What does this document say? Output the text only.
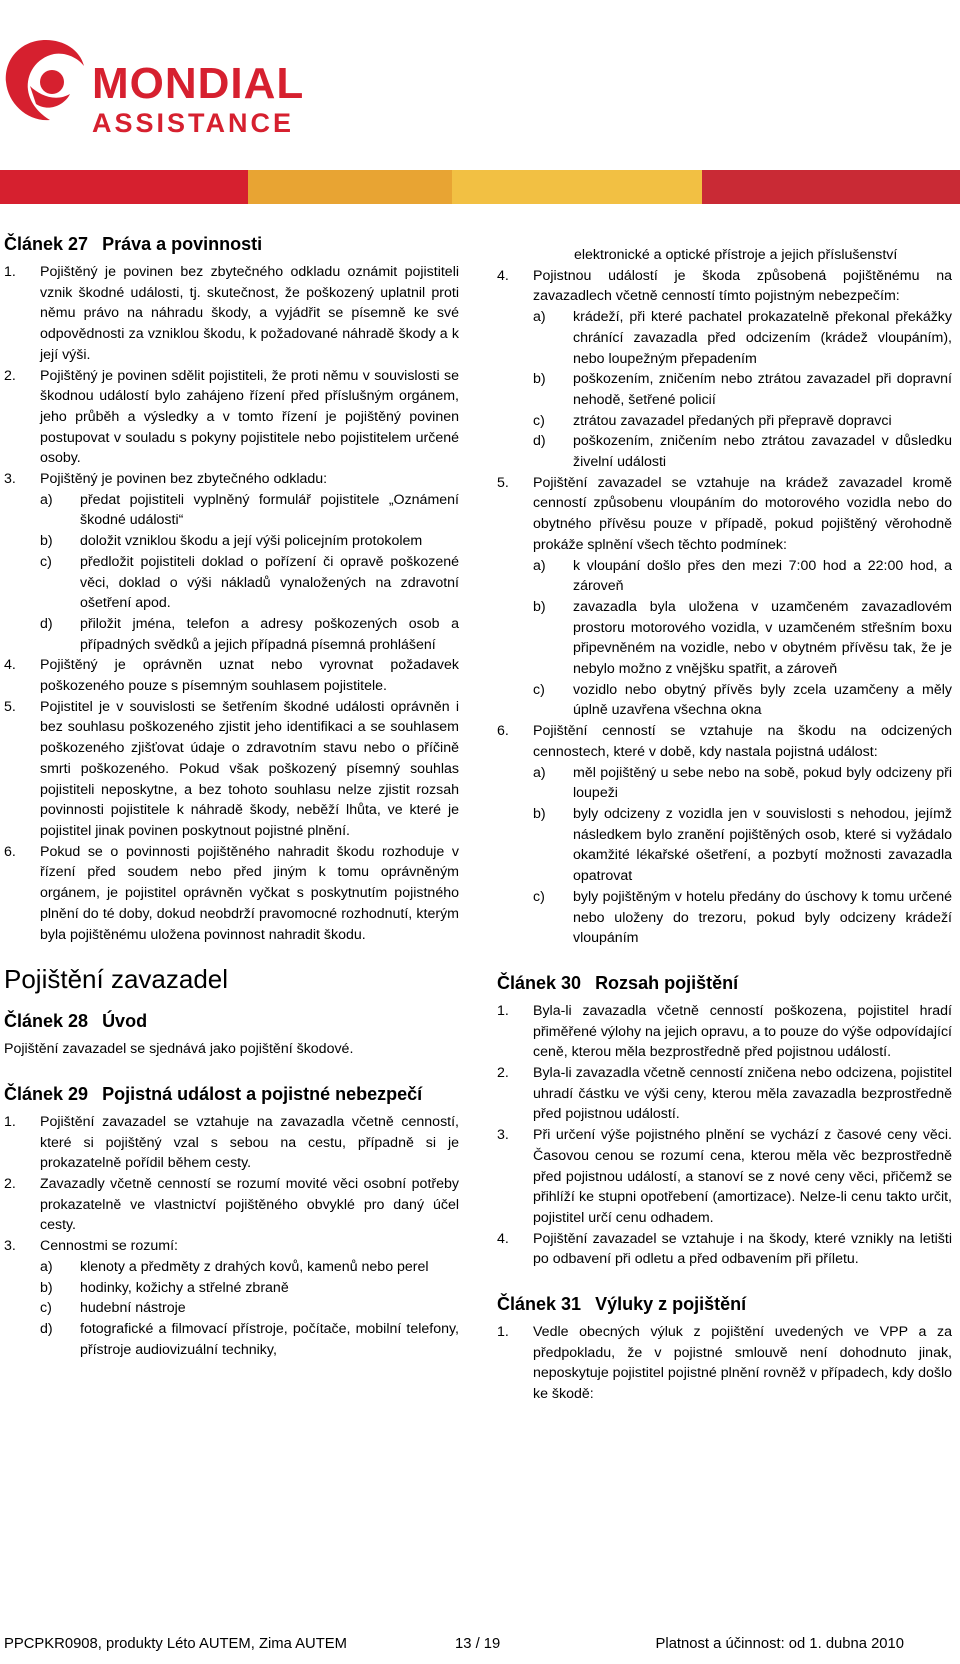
MONDIAL
ASSISTANCE
Článek 27 Práva a povinnosti
1.	Pojištěný je povinen bez zbytečného odkladu oznámit pojistiteli vznik škodné události, tj. skutečnost, že poškozený uplatnil proti němu právo na náhradu škody, a vyjádřit se písemně ke své odpovědnosti za vzniklou škodu, k požadované náhradě škody a k její výši.
2.	Pojištěný je povinen sdělit pojistiteli, že proti němu v souvislosti se škodnou událostí bylo zahájeno řízení před příslušným orgánem, jeho průběh a výsledky a v tomto řízení je pojištěný povinen postupovat v souladu s pokyny pojistitele nebo pojistitelem určené osoby.
3.	Pojištěný je povinen bez zbytečného odkladu:
a)	předat pojistiteli vyplněný formulář pojistitele „Oznámení škodné události“
b)	doložit vzniklou škodu a její výši policejním protokolem
c)	předložit pojistiteli doklad o pořízení či opravě poškozené věci, doklad o výši nákladů vynaložených na zdravotní ošetření apod.
d)	přiložit jména, telefon a adresy poškozených osob a případných svědků a jejich případná písemná prohlášení
4.	Pojištěný je oprávněn uznat nebo vyrovnat požadavek poškozeného pouze s písemným souhlasem pojistitele.
5.	Pojistitel je v souvislosti se šetřením škodné události oprávněn i bez souhlasu poškozeného zjistit jeho identifikaci a se souhlasem poškozeného zjišťovat údaje o zdravotním stavu nebo o příčině smrti poškozeného. Pokud však poškozený písemný souhlas pojistiteli neposkytne, a bez tohoto souhlasu nelze zjistit rozsah povinnosti pojistitele k náhradě škody, neběží lhůta, ve které je pojistitel jinak povinen poskytnout pojistné plnění.
6.	Pokud se o povinnosti pojištěného nahradit škodu rozhoduje v řízení před soudem nebo před jiným k tomu oprávněným orgánem, je pojistitel oprávněn vyčkat s poskytnutím pojistného plnění do té doby, dokud neobdrží pravomocné rozhodnutí, kterým byla pojištěnému uložena povinnost nahradit škodu.
Pojištění zavazadel
Článek 28 Úvod
Pojištění zavazadel se sjednává jako pojištění škodové.
Článek 29 Pojistná událost a pojistné nebezpečí
1.	Pojištění zavazadel se vztahuje na zavazadla včetně cenností, které si pojištěný vzal s sebou na cestu, případně si je prokazatelně pořídil během cesty.
2.	Zavazadly včetně cenností se rozumí movité věci osobní potřeby prokazatelně ve vlastnictví pojištěného obvyklé pro daný účel cesty.
3.	Cennostmi se rozumí:
a)	klenoty a předměty z drahých kovů, kamenů nebo perel
b)	hodinky, kožichy a střelné zbraně
c)	hudební nástroje
d)	fotografické a filmovací přístroje, počítače, mobilní telefony, přístroje audiovizuální techniky,
elektronické a optické přístroje a jejich příslušenství
4.	Pojistnou událostí je škoda způsobená pojištěnému na zavazadlech včetně cenností tímto pojistným nebezpečím:
a)	krádeží, při které pachatel prokazatelně překonal překážky chránící zavazadla před odcizením (krádež vloupáním), nebo loupežným přepadením
b)	poškozením, zničením nebo ztrátou zavazadel při dopravní nehodě, šetřené policií
c)	ztrátou zavazadel předaných při přepravě dopravci
d)	poškozením, zničením nebo ztrátou zavazadel v důsledku živelní události
5.	Pojištění zavazadel se vztahuje na krádež zavazadel kromě cenností způsobenu vloupáním do motorového vozidla nebo do obytného přívěsu pouze v případě, pokud pojištěný věrohodně prokáže splnění všech těchto podmínek:
a)	k vloupání došlo přes den mezi 7:00 hod a 22:00 hod, a zároveň
b)	zavazadla byla uložena v uzamčeném zavazadlovém prostoru motorového vozidla, v uzamčeném střešním boxu připevněném na vozidle, nebo v obytném přívěsu tak, že je nebylo možno z vnějšku spatřit, a zároveň
c)	vozidlo nebo obytný přívěs byly zcela uzamčeny a měly úplně uzavřena všechna okna
6.	Pojištění cenností se vztahuje na škodu na odcizených cennostech, které v době, kdy nastala pojistná událost:
a)	měl pojištěný u sebe nebo na sobě, pokud byly odcizeny při loupeži
b)	byly odcizeny z vozidla jen v souvislosti s nehodou, jejímž následkem bylo zranění pojištěných osob, které si vyžádalo okamžité lékařské ošetření, a pozbytí možnosti zavazadla opatrovat
c)	byly pojištěným v hotelu předány do úschovy k tomu určené nebo uloženy do trezoru, pokud byly odcizeny krádeží vloupáním
Článek 30 Rozsah pojištění
1.	Byla-li zavazadla včetně cenností poškozena, pojistitel hradí přiměřené výlohy na jejich opravu, a to pouze do výše odpovídající ceně, kterou měla bezprostředně před pojistnou událostí.
2.	Byla-li zavazadla včetně cenností zničena nebo odcizena, pojistitel uhradí částku ve výši ceny, kterou měla zavazadla bezprostředně před pojistnou událostí.
3.	Při určení výše pojistného plnění se vychází z časové ceny věci. Časovou cenou se rozumí cena, kterou měla věc bezprostředně před pojistnou událostí, a stanoví se z nové ceny věci, přičemž se přihlíží ke stupni opotřebení (amortizace). Nelze-li cenu takto určit, pojistitel určí cenu odhadem.
4.	Pojištění zavazadel se vztahuje i na škody, které vznikly na letišti po odbavení při odletu a před odbavením při příletu.
Článek 31 Výluky z pojištění
1.	Vedle obecných výluk z pojištění uvedených ve VPP a za předpokladu, že v pojistné smlouvě není dohodnuto jinak, neposkytuje pojistitel pojistné plnění rovněž v případech, kdy došlo ke škodě:
PPCPKR0908, produkty Léto AUTEM, Zima AUTEM	13 / 19	Platnost a účinnost: od 1. dubna 2010
